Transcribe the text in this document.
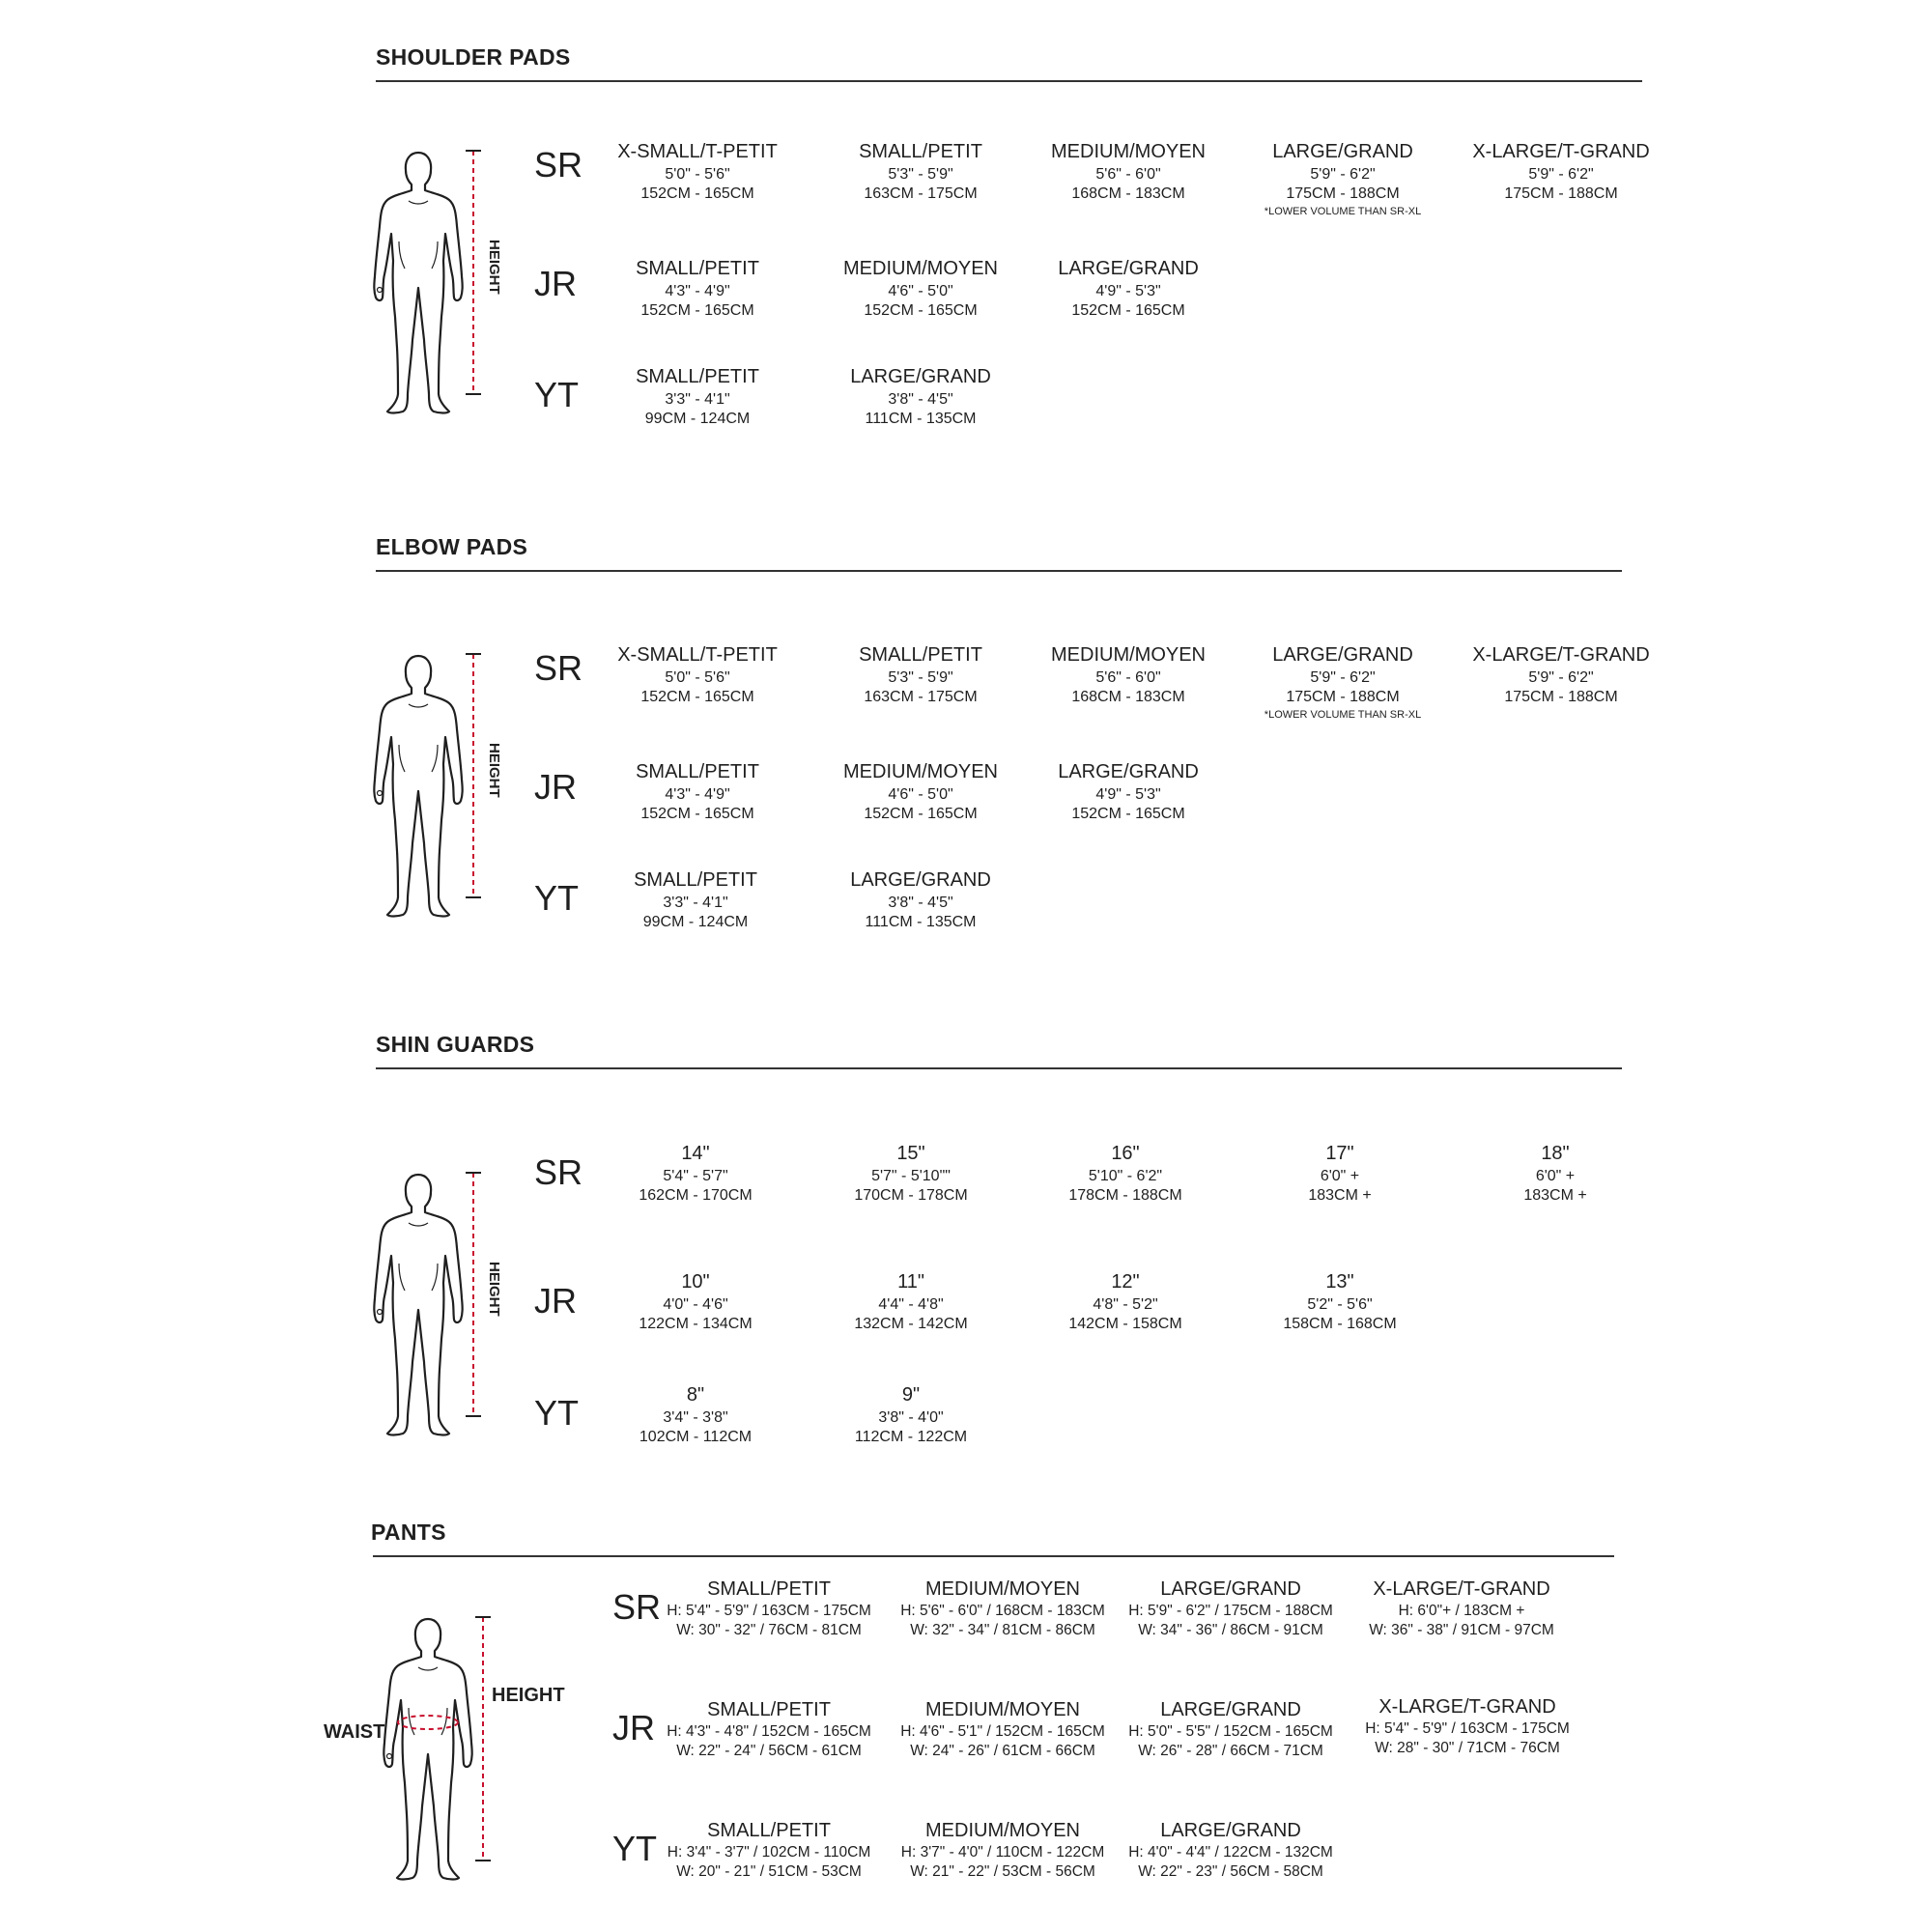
SHOULDER PADS
HEIGHT
SR
JR
YT
X-SMALL/T-PETIT
5'0" - 5'6"
152CM - 165CM
SMALL/PETIT
5'3" - 5'9"
163CM - 175CM
MEDIUM/MOYEN
5'6" - 6'0"
168CM - 183CM
LARGE/GRAND
5'9" - 6'2"
175CM - 188CM
*LOWER VOLUME THAN SR-XL
X-LARGE/T-GRAND
5'9" - 6'2"
175CM - 188CM
SMALL/PETIT
4'3" - 4'9"
152CM - 165CM
MEDIUM/MOYEN
4'6" - 5'0"
152CM - 165CM
LARGE/GRAND
4'9" - 5'3"
152CM - 165CM
SMALL/PETIT
3'3" - 4'1"
99CM - 124CM
LARGE/GRAND
3'8" - 4'5"
111CM - 135CM
ELBOW PADS
HEIGHT
SR
JR
YT
X-SMALL/T-PETIT
5'0" - 5'6"
152CM - 165CM
SMALL/PETIT
5'3" - 5'9"
163CM - 175CM
MEDIUM/MOYEN
5'6" - 6'0"
168CM - 183CM
LARGE/GRAND
5'9" - 6'2"
175CM - 188CM
*LOWER VOLUME THAN SR-XL
X-LARGE/T-GRAND
5'9" - 6'2"
175CM - 188CM
SMALL/PETIT
4'3" - 4'9"
152CM - 165CM
MEDIUM/MOYEN
4'6" - 5'0"
152CM - 165CM
LARGE/GRAND
4'9" - 5'3"
152CM - 165CM
SMALL/PETIT
3'3" - 4'1"
99CM - 124CM
LARGE/GRAND
3'8" - 4'5"
111CM - 135CM
SHIN GUARDS
HEIGHT
SR
JR
YT
14"
5'4" - 5'7"
162CM - 170CM
15"
5'7" - 5'10""
170CM - 178CM
16"
5'10" - 6'2"
178CM - 188CM
17"
6'0" +
183CM +
18"
6'0" +
183CM +
10"
4'0" - 4'6"
122CM - 134CM
11"
4'4" - 4'8"
132CM - 142CM
12"
4'8" - 5'2"
142CM - 158CM
13"
5'2" - 5'6"
158CM - 168CM
8"
3'4" - 3'8"
102CM - 112CM
9"
3'8" - 4'0"
112CM - 122CM
PANTS
WAIST
HEIGHT
SR
JR
YT
SMALL/PETIT
H: 5'4" - 5'9" / 163CM - 175CM
W: 30" - 32" / 76CM - 81CM
MEDIUM/MOYEN
H: 5'6" - 6'0" / 168CM - 183CM
W: 32" - 34" / 81CM - 86CM
LARGE/GRAND
H: 5'9" - 6'2" / 175CM - 188CM
W: 34" - 36" / 86CM - 91CM
X-LARGE/T-GRAND
H: 6'0"+ / 183CM +
W: 36" - 38" / 91CM - 97CM
SMALL/PETIT
H: 4'3" - 4'8" / 152CM - 165CM
W: 22" - 24" / 56CM - 61CM
MEDIUM/MOYEN
H: 4'6" - 5'1" / 152CM - 165CM
W: 24" - 26" / 61CM - 66CM
LARGE/GRAND
H: 5'0" - 5'5" / 152CM - 165CM
W: 26" - 28" / 66CM - 71CM
X-LARGE/T-GRAND
H: 5'4" - 5'9" / 163CM - 175CM
W: 28" - 30" / 71CM - 76CM
SMALL/PETIT
H: 3'4" - 3'7" / 102CM - 110CM
W: 20" - 21" / 51CM - 53CM
MEDIUM/MOYEN
H: 3'7" - 4'0" / 110CM - 122CM
W: 21" - 22" / 53CM - 56CM
LARGE/GRAND
H: 4'0" - 4'4" / 122CM - 132CM
W: 22" - 23" / 56CM - 58CM
